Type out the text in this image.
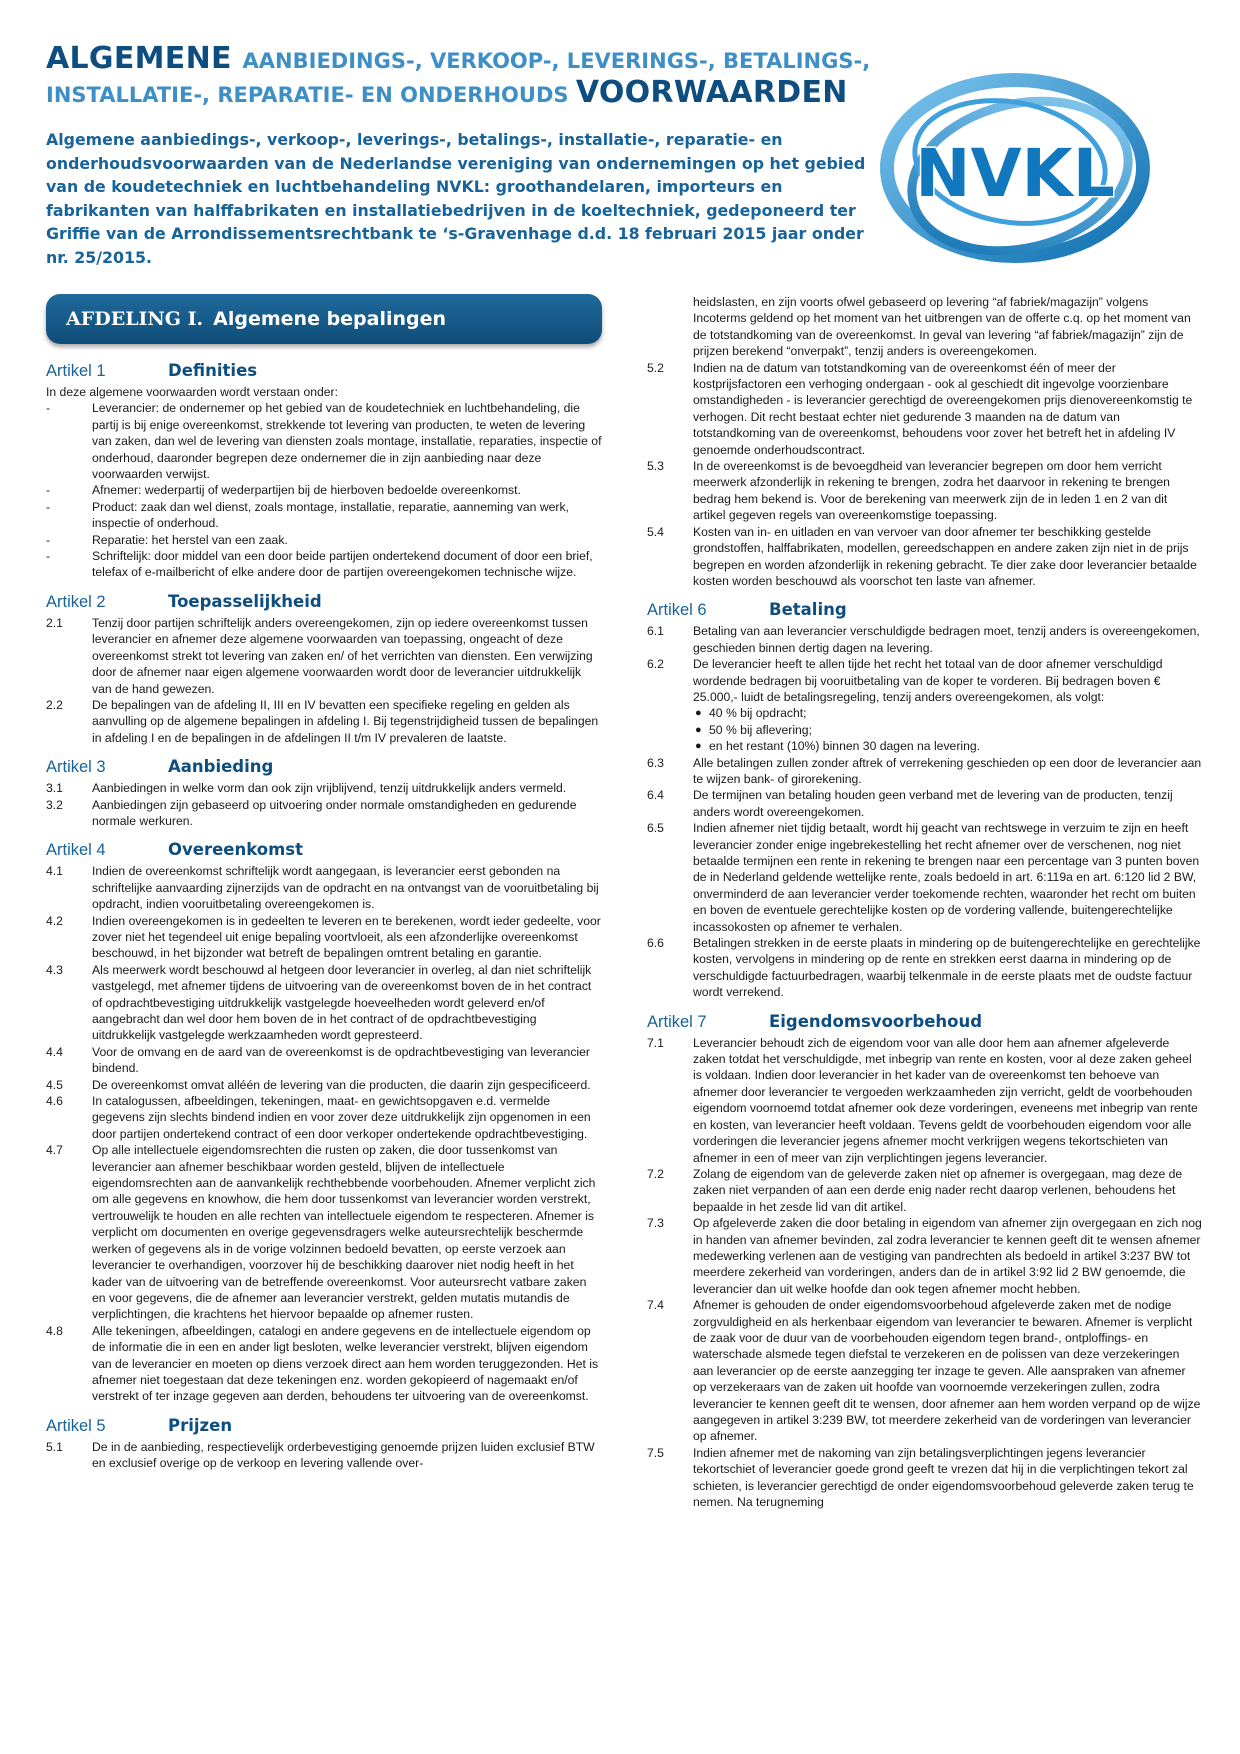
ALGEMENE AANBIEDINGS-, VERKOOP-, LEVERINGS-, BETALINGS-,
INSTALLATIE-, REPARATIE- EN ONDERHOUDS VOORWAARDEN

Algemene aanbiedings-, verkoop-, leverings-, betalings-, installatie-, reparatie- en onderhoudsvoorwaarden van de Nederlandse vereniging van ondernemingen op het gebied van de koudetechniek en luchtbehandeling NVKL: groothandelaren, importeurs en fabrikanten van halffabrikaten en installatiebedrijven in de koeltechniek, gedeponeerd ter Griffie van de Arrondissementsrechtbank te ‘s-Gravenhage d.d. 18 februari 2015 jaar onder nr. 25/2015.

NVKL
AFDELING I. Algemene bepalingen
Artikel 1	Definities

In deze algemene voorwaarden wordt verstaan onder:

-	Leverancier: de ondernemer op het gebied van de koudetechniek en luchtbehandeling, die partij is bij enige overeenkomst, strekkende tot levering van producten, te weten de levering van zaken, dan wel de levering van diensten zoals montage, installatie, reparaties, inspectie of onderhoud, daaronder begrepen deze ondernemer die in zijn aanbieding naar deze voorwaarden verwijst.
-	Afnemer: wederpartij of wederpartijen bij de hierboven bedoelde overeenkomst.
-	Product: zaak dan wel dienst, zoals montage, installatie, reparatie, aanneming van werk, inspectie of onderhoud.
-	Reparatie: het herstel van een zaak.
-	Schriftelijk: door middel van een door beide partijen ondertekend document of door een brief, telefax of e-mailbericht of elke andere door de partijen overeengekomen technische wijze.
Artikel 2	Toepasselijkheid
2.1	Tenzij door partijen schriftelijk anders overeengekomen, zijn op iedere overeenkomst tussen leverancier en afnemer deze algemene voorwaarden van toepassing, ongeacht of deze overeenkomst strekt tot levering van zaken en/ of het verrichten van diensten. Een verwijzing door de afnemer naar eigen algemene voorwaarden wordt door de leverancier uitdrukkelijk van de hand gewezen.
2.2	De bepalingen van de afdeling II, III en IV bevatten een specifieke regeling en gelden als aanvulling op de algemene bepalingen in afdeling I. Bij tegenstrijdigheid tussen de bepalingen in afdeling I en de bepalingen in de afdelingen II t/m IV prevaleren de laatste.
Artikel 3	Aanbieding
3.1	Aanbiedingen in welke vorm dan ook zijn vrijblijvend, tenzij uitdrukkelijk anders vermeld.
3.2	Aanbiedingen zijn gebaseerd op uitvoering onder normale omstandigheden en gedurende normale werkuren.
Artikel 4	Overeenkomst
4.1	Indien de overeenkomst schriftelijk wordt aangegaan, is leverancier eerst gebonden na schriftelijke aanvaarding zijnerzijds van de opdracht en na ontvangst van de vooruitbetaling bij opdracht, indien vooruitbetaling overeengekomen is.
4.2	Indien overeengekomen is in gedeelten te leveren en te berekenen, wordt ieder gedeelte, voor zover niet het tegendeel uit enige bepaling voortvloeit, als een afzonderlijke overeenkomst beschouwd, in het bijzonder wat betreft de bepalingen omtrent betaling en garantie.
4.3	Als meerwerk wordt beschouwd al hetgeen door leverancier in overleg, al dan niet schriftelijk vastgelegd, met afnemer tijdens de uitvoering van de overeenkomst boven de in het contract of opdrachtbevestiging uitdrukkelijk vastgelegde hoeveelheden wordt geleverd en/of aangebracht dan wel door hem boven de in het contract of de opdrachtbevestiging uitdrukkelijk vastgelegde werkzaamheden wordt gepresteerd.
4.4	Voor de omvang en de aard van de overeenkomst is de opdrachtbevestiging van leverancier bindend.
4.5	De overeenkomst omvat alléén de levering van die producten, die daarin zijn gespecificeerd.
4.6	In catalogussen, afbeeldingen, tekeningen, maat- en gewichtsopgaven e.d. vermelde gegevens zijn slechts bindend indien en voor zover deze uitdrukkelijk zijn opgenomen in een door partijen ondertekend contract of een door verkoper ondertekende opdrachtbevestiging.
4.7	Op alle intellectuele eigendomsrechten die rusten op zaken, die door tussenkomst van leverancier aan afnemer beschikbaar worden gesteld, blijven de intellectuele eigendomsrechten aan de aanvankelijk rechthebbende voorbehouden. Afnemer verplicht zich om alle gegevens en knowhow, die hem door tussenkomst van leverancier worden verstrekt, vertrouwelijk te houden en alle rechten van intellectuele eigendom te respecteren. Afnemer is verplicht om documenten en overige gegevensdragers welke auteursrechtelijk beschermde werken of gegevens als in de vorige volzinnen bedoeld bevatten, op eerste verzoek aan leverancier te overhandigen, voorzover hij de beschikking daarover niet nodig heeft in het kader van de uitvoering van de betreffende overeenkomst. Voor auteursrecht vatbare zaken en voor gegevens, die de afnemer aan leverancier verstrekt, gelden mutatis mutandis de verplichtingen, die krachtens het hiervoor bepaalde op afnemer rusten.
4.8	Alle tekeningen, afbeeldingen, catalogi en andere gegevens en de intellectuele eigendom op de informatie die in een en ander ligt besloten, welke leverancier verstrekt, blijven eigendom van de leverancier en moeten op diens verzoek direct aan hem worden teruggezonden. Het is afnemer niet toegestaan dat deze tekeningen enz. worden gekopieerd of nagemaakt en/of verstrekt of ter inzage gegeven aan derden, behoudens ter uitvoering van de overeenkomst.
Artikel 5	Prijzen
5.1	De in de aanbieding, respectievelijk orderbevestiging genoemde prijzen luiden exclusief BTW en exclusief overige op de verkoop en levering vallende over-

heidslasten, en zijn voorts ofwel gebaseerd op levering “af fabriek/magazijn” volgens Incoterms geldend op het moment van het uitbrengen van de offerte c.q. op het moment van de totstandkoming van de overeenkomst. In geval van levering “af fabriek/magazijn” zijn de prijzen berekend “onverpakt”, tenzij anders is overeengekomen.

5.2	Indien na de datum van totstandkoming van de overeenkomst één of meer der kostprijsfactoren een verhoging ondergaan - ook al geschiedt dit ingevolge voorzienbare omstandigheden - is leverancier gerechtigd de overeengekomen prijs dienovereenkomstig te verhogen. Dit recht bestaat echter niet gedurende 3 maanden na de datum van totstandkoming van de overeenkomst, behoudens voor zover het betreft het in afdeling IV genoemde onderhoudscontract.
5.3	In de overeenkomst is de bevoegdheid van leverancier begrepen om door hem verricht meerwerk afzonderlijk in rekening te brengen, zodra het daarvoor in rekening te brengen bedrag hem bekend is. Voor de berekening van meerwerk zijn de in leden 1 en 2 van dit artikel gegeven regels van overeenkomstige toepassing.
5.4	Kosten van in- en uitladen en van vervoer van door afnemer ter beschikking gestelde grondstoffen, halffabrikaten, modellen, gereedschappen en andere zaken zijn niet in de prijs begrepen en worden afzonderlijk in rekening gebracht. Te dier zake door leverancier betaalde kosten worden beschouwd als voorschot ten laste van afnemer.
Artikel 6	Betaling
6.1	Betaling van aan leverancier verschuldigde bedragen moet, tenzij anders is overeengekomen, geschieden binnen dertig dagen na levering.
6.2	De leverancier heeft te allen tijde het recht het totaal van de door afnemer verschuldigd wordende bedragen bij vooruitbetaling van de koper te vorderen. Bij bedragen boven € 25.000,- luidt de betalingsregeling, tenzij anders overeengekomen, als volgt:
● 40 % bij opdracht;
● 50 % bij aflevering;
● en het restant (10%) binnen 30 dagen na levering.
6.3	Alle betalingen zullen zonder aftrek of verrekening geschieden op een door de leverancier aan te wijzen bank- of girorekening.
6.4	De termijnen van betaling houden geen verband met de levering van de producten, tenzij anders wordt overeengekomen.
6.5	Indien afnemer niet tijdig betaalt, wordt hij geacht van rechtswege in verzuim te zijn en heeft leverancier zonder enige ingebrekestelling het recht afnemer over de verschenen, nog niet betaalde termijnen een rente in rekening te brengen naar een percentage van 3 punten boven de in Nederland geldende wettelijke rente, zoals bedoeld in art. 6:119a en art. 6:120 lid 2 BW, onverminderd de aan leverancier verder toekomende rechten, waaronder het recht om buiten en boven de eventuele gerechtelijke kosten op de vordering vallende, buitengerechtelijke incassokosten op afnemer te verhalen.
6.6	Betalingen strekken in de eerste plaats in mindering op de buitengerechtelijke en gerechtelijke kosten, vervolgens in mindering op de rente en strekken eerst daarna in mindering op de verschuldigde factuurbedragen, waarbij telkenmale in de eerste plaats met de oudste factuur wordt verrekend.
Artikel 7	Eigendomsvoorbehoud
7.1	Leverancier behoudt zich de eigendom voor van alle door hem aan afnemer afgeleverde zaken totdat het verschuldigde, met inbegrip van rente en kosten, voor al deze zaken geheel is voldaan. Indien door leverancier in het kader van de overeenkomst ten behoeve van afnemer door leverancier te vergoeden werkzaamheden zijn verricht, geldt de voorbehouden eigendom voornoemd totdat afnemer ook deze vorderingen, eveneens met inbegrip van rente en kosten, van leverancier heeft voldaan. Tevens geldt de voorbehouden eigendom voor alle vorderingen die leverancier jegens afnemer mocht verkrijgen wegens tekortschieten van afnemer in een of meer van zijn verplichtingen jegens leverancier.
7.2	Zolang de eigendom van de geleverde zaken niet op afnemer is overgegaan, mag deze de zaken niet verpanden of aan een derde enig nader recht daarop verlenen, behoudens het bepaalde in het zesde lid van dit artikel.
7.3	Op afgeleverde zaken die door betaling in eigendom van afnemer zijn overgegaan en zich nog in handen van afnemer bevinden, zal zodra leverancier te kennen geeft dit te wensen afnemer medewerking verlenen aan de vestiging van pandrechten als bedoeld in artikel 3:237 BW tot meerdere zekerheid van vorderingen, anders dan de in artikel 3:92 lid 2 BW genoemde, die leverancier dan uit welke hoofde dan ook tegen afnemer mocht hebben.
7.4	Afnemer is gehouden de onder eigendomsvoorbehoud afgeleverde zaken met de nodige zorgvuldigheid en als herkenbaar eigendom van leverancier te bewaren. Afnemer is verplicht de zaak voor de duur van de voorbehouden eigendom tegen brand-, ontploffings- en waterschade alsmede tegen diefstal te verzekeren en de polissen van deze verzekeringen aan leverancier op de eerste aanzegging ter inzage te geven. Alle aanspraken van afnemer op verzekeraars van de zaken uit hoofde van voornoemde verzekeringen zullen, zodra leverancier te kennen geeft dit te wensen, door afnemer aan hem worden verpand op de wijze aangegeven in artikel 3:239 BW, tot meerdere zekerheid van de vorderingen van leverancier op afnemer.
7.5	Indien afnemer met de nakoming van zijn betalingsverplichtingen jegens leverancier tekortschiet of leverancier goede grond geeft te vrezen dat hij in die verplichtingen tekort zal schieten, is leverancier gerechtigd de onder eigendomsvoorbehoud geleverde zaken terug te nemen. Na terugneming
